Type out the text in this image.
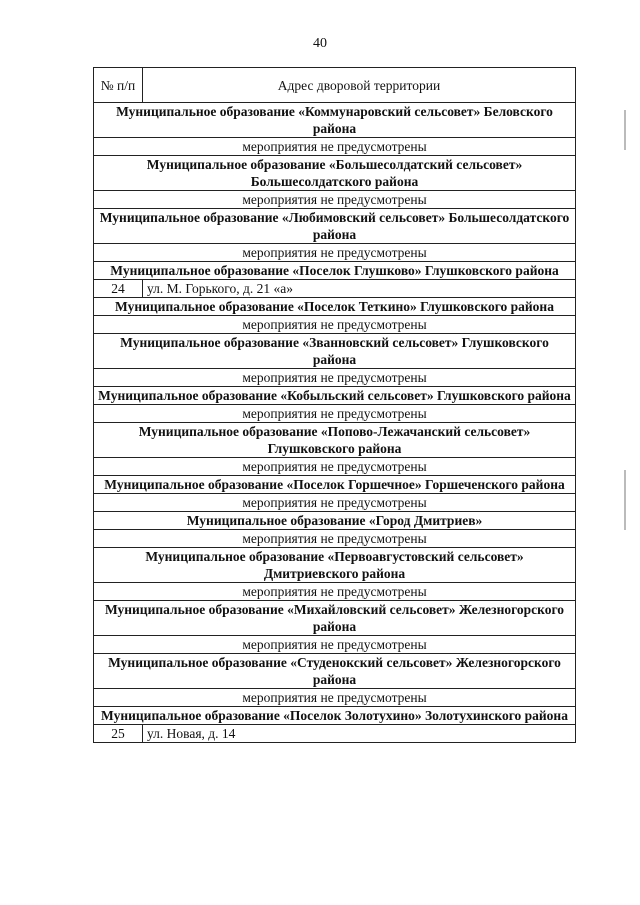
40
№ п/п	Адрес дворовой территории
Муниципальное образование «Коммунаровский сельсовет» Беловского района	
мероприятия не предусмотрены	
Муниципальное образование «Большесолдатский сельсовет» Большесолдатского района	
мероприятия не предусмотрены	
Муниципальное образование «Любимовский сельсовет» Большесолдатского района	
мероприятия не предусмотрены	
Муниципальное образование «Поселок Глушково» Глушковского района	
24	ул. М. Горького, д. 21 «а»
Муниципальное образование «Поселок Теткино» Глушковского района	
мероприятия не предусмотрены	
Муниципальное образование «Званновский сельсовет» Глушковского района	
мероприятия не предусмотрены	
Муниципальное образование «Кобыльский сельсовет» Глушковского района	
мероприятия не предусмотрены	
Муниципальное образование «Попово-Лежачанский сельсовет» Глушковского района	
мероприятия не предусмотрены	
Муниципальное образование «Поселок Горшечное» Горшеченского района	
мероприятия не предусмотрены	
Муниципальное образование «Город Дмитриев»	
мероприятия не предусмотрены	
Муниципальное образование «Первоавгустовский сельсовет» Дмитриевского района	
мероприятия не предусмотрены	
Муниципальное образование «Михайловский сельсовет» Железногорского района	
мероприятия не предусмотрены	
Муниципальное образование «Студенокский сельсовет» Железногорского района	
мероприятия не предусмотрены	
Муниципальное образование «Поселок Золотухино» Золотухинского района	
25	ул. Новая, д. 14
